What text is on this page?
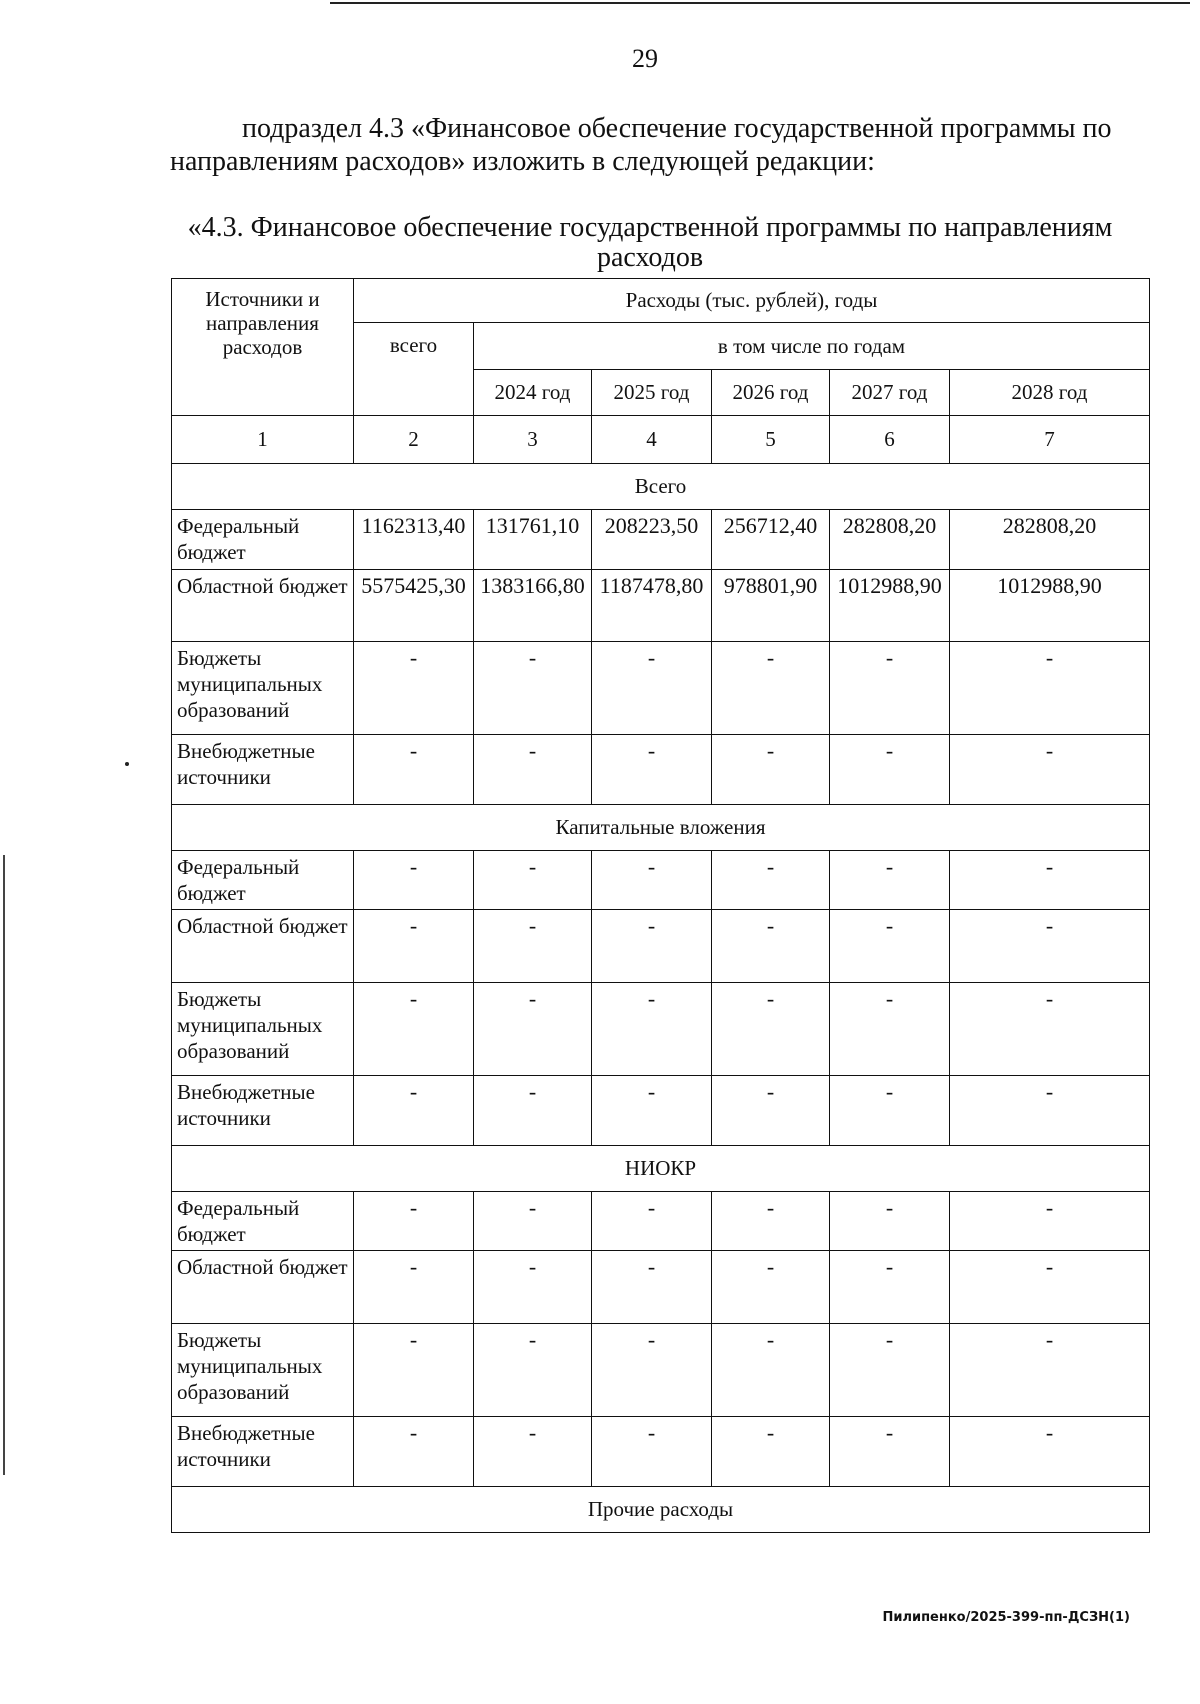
29
подраздел 4.3 «Финансовое обеспечение государственной программы по направлениям расходов» изложить в следующей редакции:
«4.3. Финансовое обеспечение государственной программы по направлениям
расходов
Источники и направления расходов	Расходы (тыс. рублей), годы					
	всего	в том числе по годам				
		2024 год	2025 год	2026 год	2027 год	2028 год
1	2	3	4	5	6	7
Всего						
Федеральный бюджет	1162313,40	131761,10	208223,50	256712,40	282808,20	282808,20
Областной бюджет	5575425,30	1383166,80	1187478,80	978801,90	1012988,90	1012988,90
Бюджеты муниципальных образований	-	-	-	-	-	-
Внебюджетные источники	-	-	-	-	-	-
Капитальные вложения						
Федеральный бюджет	-	-	-	-	-	-
Областной бюджет	-	-	-	-	-	-
Бюджеты муниципальных образований	-	-	-	-	-	-
Внебюджетные источники	-	-	-	-	-	-
НИОКР						
Федеральный бюджет	-	-	-	-	-	-
Областной бюджет	-	-	-	-	-	-
Бюджеты муниципальных образований	-	-	-	-	-	-
Внебюджетные источники	-	-	-	-	-	-
Прочие расходы						
Пилипенко/2025-399-пп-ДСЗН(1)
